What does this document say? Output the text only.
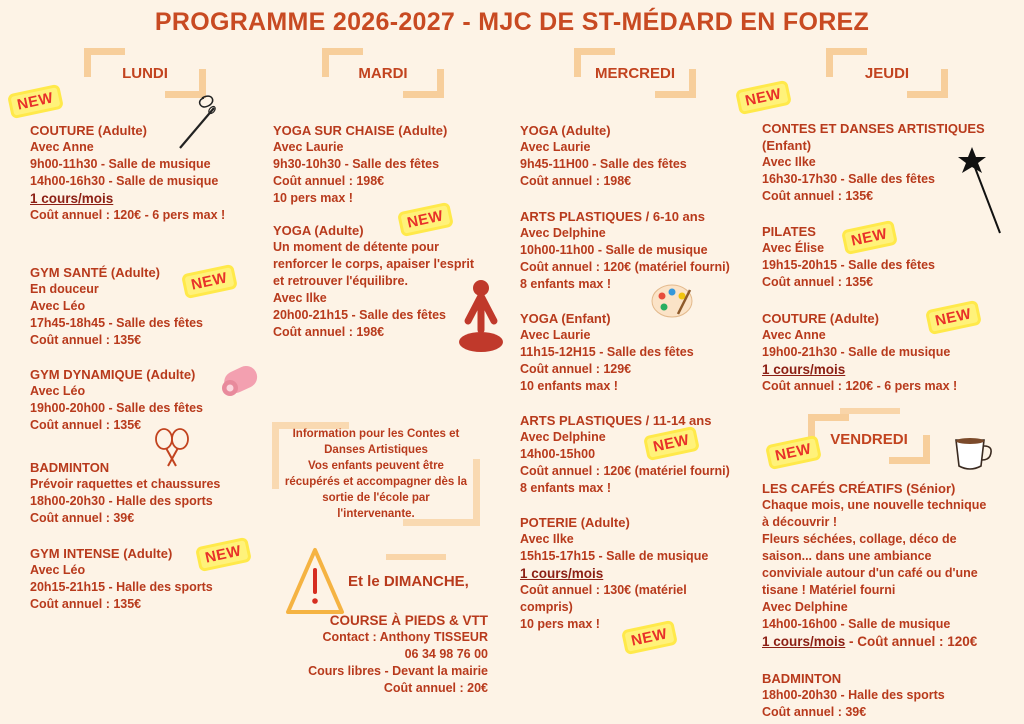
PROGRAMME 2026-2027 - MJC DE ST-MÉDARD EN FOREZ
LUNDI	MARDI	MERCREDI	JEUDI
VENDREDI
NEW
NEW
NEW
NEW
NEW
NEW
NEW
NEW
NEW
NEW
COUTURE (Adulte)
Avec Anne
9h00-11h30 - Salle de musique
14h00-16h30 - Salle de musique
1 cours/mois
Coût annuel : 120€ - 6 pers max !
GYM SANTÉ (Adulte)
En douceur
Avec Léo
17h45-18h45 - Salle des fêtes
Coût annuel : 135€
GYM DYNAMIQUE (Adulte)
Avec Léo
19h00-20h00 - Salle des fêtes
Coût annuel : 135€
BADMINTON
Prévoir raquettes et chaussures
18h00-20h30 - Halle des sports
Coût annuel : 39€
GYM INTENSE (Adulte)
Avec Léo
20h15-21h15 - Halle des sports
Coût annuel : 135€
YOGA SUR CHAISE (Adulte)
Avec Laurie
9h30-10h30 - Salle des fêtes
Coût annuel : 198€
10 pers max !
YOGA (Adulte)
Un moment de détente pour
renforcer le corps, apaiser l'esprit
et retrouver l'équilibre.
Avec Ilke
20h00-21h15 - Salle des fêtes
Coût annuel : 198€
Information pour les Contes et
Danses Artistiques
Vos enfants peuvent être
récupérés et accompagner dès la
sortie de l'école par
l'intervenante.
Et le DIMANCHE,
COURSE À PIEDS & VTT
Contact : Anthony TISSEUR
06 34 98 76 00
Cours libres - Devant la mairie
Coût annuel : 20€
YOGA (Adulte)
Avec Laurie
9h45-11H00 - Salle des fêtes
Coût annuel : 198€
ARTS PLASTIQUES / 6-10 ans
Avec Delphine
10h00-11h00 - Salle de musique
Coût annuel : 120€ (matériel fourni)
8 enfants max !
YOGA (Enfant)
Avec Laurie
11h15-12H15 - Salle des fêtes
Coût annuel : 129€
10 enfants max !
ARTS PLASTIQUES / 11-14 ans
Avec Delphine
14h00-15h00
Coût annuel : 120€ (matériel fourni)
8 enfants max !
POTERIE (Adulte)
Avec Ilke
15h15-17h15 - Salle de musique
1 cours/mois
Coût annuel : 130€ (matériel
compris)
10 pers max !
CONTES ET DANSES ARTISTIQUES
(Enfant)
Avec Ilke
16h30-17h30 - Salle des fêtes
Coût annuel : 135€
PILATES
Avec Élise
19h15-20h15 - Salle des fêtes
Coût annuel : 135€
COUTURE (Adulte)
Avec Anne
19h00-21h30 - Salle de musique
1 cours/mois
Coût annuel : 120€ - 6 pers max !
LES CAFÉS CRÉATIFS (Sénior)
Chaque mois, une nouvelle technique
à découvrir !
Fleurs séchées, collage, déco de
saison... dans une ambiance
conviviale autour d'un café ou d'une
tisane ! Matériel fourni
Avec Delphine
14h00-16h00 - Salle de musique
1 cours/mois - Coût annuel : 120€
BADMINTON
18h00-20h30 - Halle des sports
Coût annuel : 39€
